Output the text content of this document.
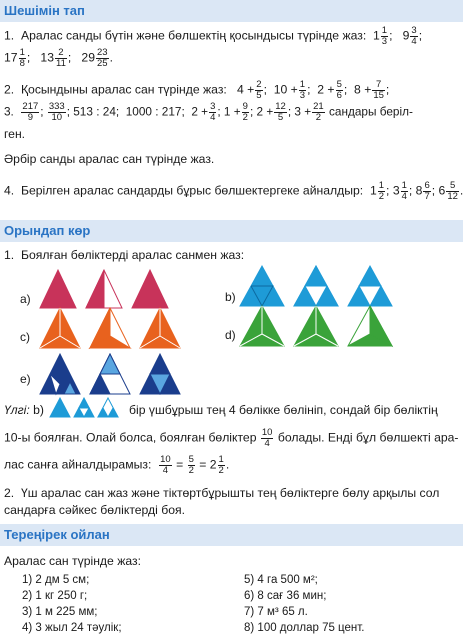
Шешімін тап
1. Аралас санды бүтін және бөлшектің қосындысы түрінде жаз: $1 \frac{1}{3}$ ; $9 \frac{3}{4}$ ;
$17 \frac{1}{8}$ ; $13 \frac{2}{11}$ ; $29 \frac{23}{25}$ .
2. Қосындыны аралас сан түрінде жаз: $4 + \frac{2}{5}$ ; $10 + \frac{1}{3}$ ; $2 + \frac{5}{6}$ ; $8 + \frac{7}{15}$ ;
3. $\frac{217}{9}$ ; $\frac{333}{10}$ ; 513 : 24; 1000 : 217; $2 + \frac{3}{4}$ ; $1 + \frac{9}{2}$ ; $2 + \frac{12}{5}$ ; $3 + \frac{21}{2}$ сандары беріл-
ген.
Әрбір санды аралас сан түрінде жаз.
4. Берілген аралас сандарды бұрыс бөлшектергеке айналдыр: $1 \frac{1}{2}$ ; $3 \frac{1}{4}$ ; $8 \frac{6}{7}$ ; $6 \frac{5}{12}$ .
Орындап көр
1. Боялған бөліктерді аралас санмен жаз:
a)	b)
c)	d)
e)
Үлгі: b)	бір үшбұрыш тең 4 бөлікке бөлініп, сондай бір бөліктің
10-ы боялған. Олай болса, боялған бөліктер $\frac{10}{4}$ болады. Енді бұл бөлшекті ара-
лас санға айналдырамыз: $\frac{10}{4} = \frac{5}{2} = 2 \frac{1}{2}$ .
2. Үш аралас сан жаз және тіктөртбұрышты тең бөліктерге бөлу арқылы сол
сандарға сәйкес бөліктерді боя.
Тереңірек ойлан
Аралас сан түрінде жаз:
1) 2 дм 5 см;
2) 1 кг 250 г;
3) 1 м 225 мм;
4) 3 жыл 24 тәулік;
5) 4 га 500 м²;
6) 8 сағ 36 мин;
7) 7 м³ 65 л.
8) 100 доллар 75 цент.
